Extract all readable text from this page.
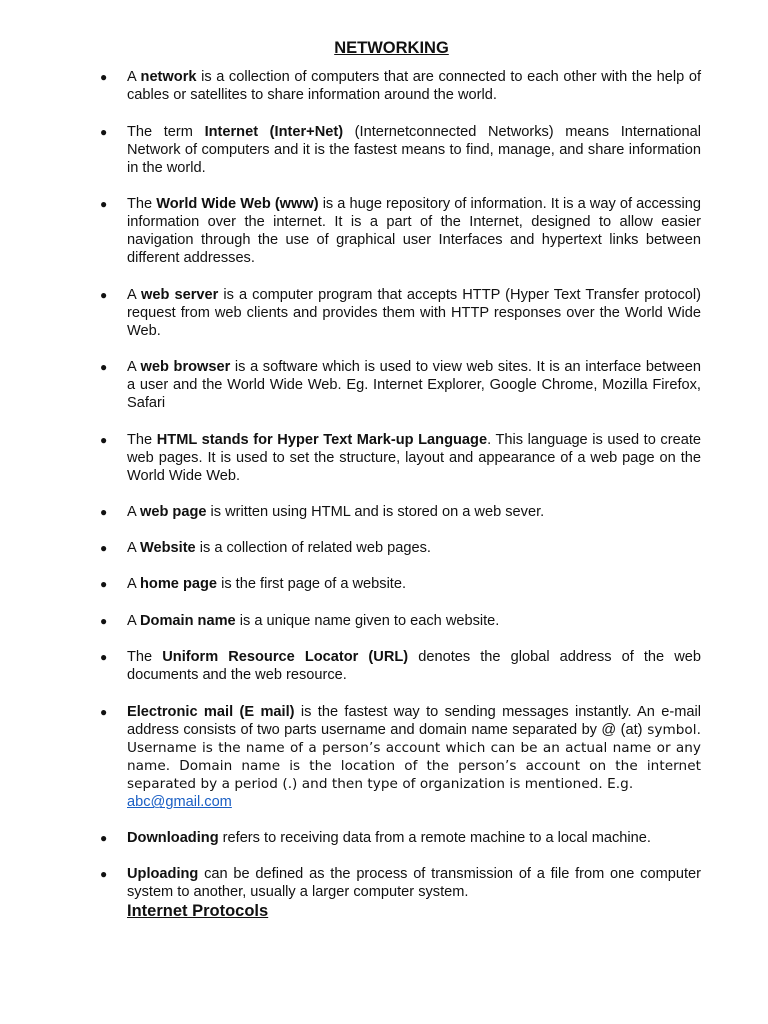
NETWORKING
● A network is a collection of computers that are connected to each other with the help of cables or satellites to share information around the world.
● The term Internet (Inter+Net) (Internetconnected Networks) means International Network of computers and it is the fastest means to find, manage, and share information in the world.
● The World Wide Web (www) is a huge repository of information. It is a way of accessing information over the internet. It is a part of the Internet, designed to allow easier navigation through the use of graphical user Interfaces and hypertext links between different addresses.
● A web server is a computer program that accepts HTTP (Hyper Text Transfer protocol) request from web clients and provides them with HTTP responses over the World Wide Web.
● A web browser is a software which is used to view web sites. It is an interface between a user and the World Wide Web. Eg. Internet Explorer, Google Chrome, Mozilla Firefox, Safari
● The HTML stands for Hyper Text Mark-up Language. This language is used to create web pages. It is used to set the structure, layout and appearance of a web page on the World Wide Web.
● A web page is written using HTML and is stored on a web sever.
● A Website is a collection of related web pages.
● A home page is the first page of a website.
● A Domain name is a unique name given to each website.
● The Uniform Resource Locator (URL) denotes the global address of the web documents and the web resource.
● Electronic mail (E mail) is the fastest way to sending messages instantly. An e-mail address consists of two parts username and domain name separated by @ (at) symbol. Username is the name of a person’s account which can be an actual name or any name. Domain name is the location of the person’s account on the internet separated by a period (.) and then type of organization is mentioned. E.g.
abc@gmail.com
● Downloading refers to receiving data from a remote machine to a local machine.
● Uploading can be defined as the process of transmission of a file from one computer system to another, usually a larger computer system.
Internet Protocols
